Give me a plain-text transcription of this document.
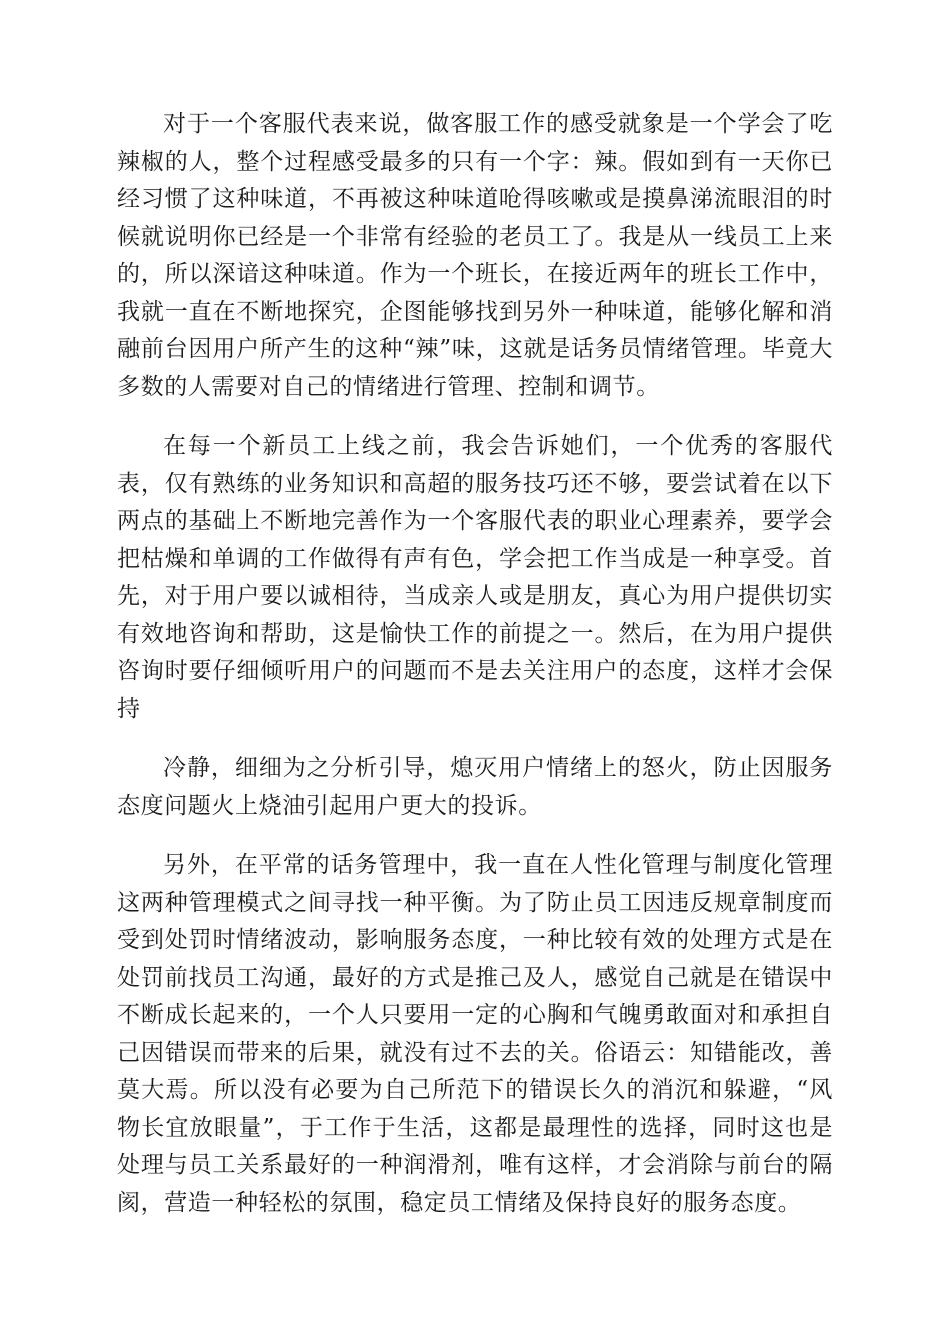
对于一个客服代表来说，做客服工作的感受就象是一个学会了吃辣椒的人，整个过程感受最多的只有一个字：辣。假如到有一天你已经习惯了这种味道，不再被这种味道呛得咳嗽或是摸鼻涕流眼泪的时候就说明你已经是一个非常有经验的老员工了。我是从一线员工上来的，所以深谙这种味道。作为一个班长，在接近两年的班长工作中，我就一直在不断地探究，企图能够找到另外一种味道，能够化解和消融前台因用户所产生的这种“辣”味，这就是话务员情绪管理。毕竟大多数的人需要对自己的情绪进行管理、控制和调节。

在每一个新员工上线之前，我会告诉她们，一个优秀的客服代表，仅有熟练的业务知识和高超的服务技巧还不够，要尝试着在以下两点的基础上不断地完善作为一个客服代表的职业心理素养，要学会把枯燥和单调的工作做得有声有色，学会把工作当成是一种享受。首先，对于用户要以诚相待，当成亲人或是朋友，真心为用户提供切实有效地咨询和帮助，这是愉快工作的前提之一。然后，在为用户提供咨询时要仔细倾听用户的问题而不是去关注用户的态度，这样才会保持

冷静，细细为之分析引导，熄灭用户情绪上的怒火，防止因服务态度问题火上烧油引起用户更大的投诉。

另外，在平常的话务管理中，我一直在人性化管理与制度化管理这两种管理模式之间寻找一种平衡。为了防止员工因违反规章制度而受到处罚时情绪波动，影响服务态度，一种比较有效的处理方式是在处罚前找员工沟通，最好的方式是推己及人，感觉自己就是在错误中不断成长起来的，一个人只要用一定的心胸和气魄勇敢面对和承担自己因错误而带来的后果，就没有过不去的关。俗语云：知错能改，善莫大焉。所以没有必要为自己所范下的错误长久的消沉和躲避，“风物长宜放眼量”，于工作于生活，这都是最理性的选择，同时这也是处理与员工关系最好的一种润滑剂，唯有这样，才会消除与前台的隔阂，营造一种轻松的氛围，稳定员工情绪及保持良好的服务态度。
